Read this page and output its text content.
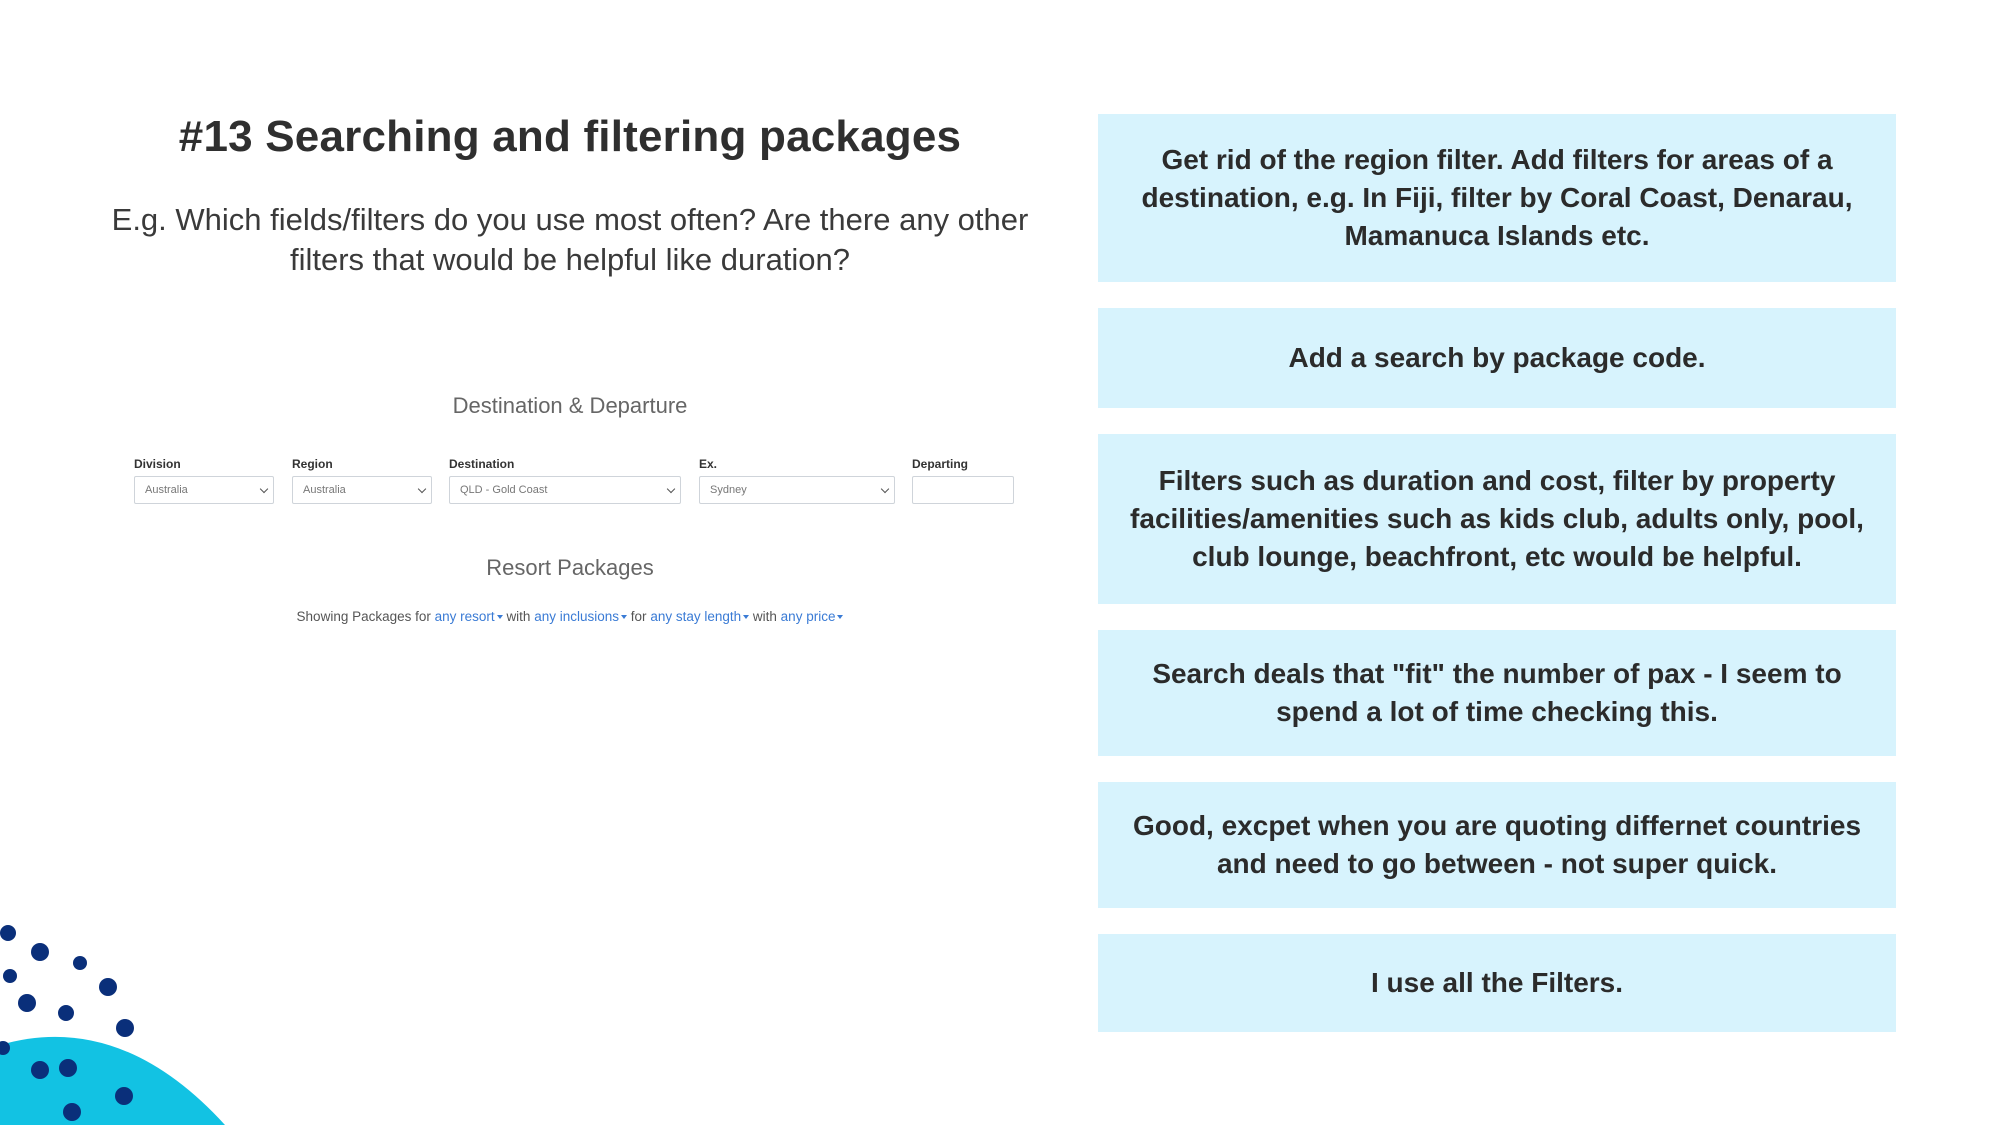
#13 Searching and filtering packages

E.g. Which fields/filters do you use most often? Are there any other filters that would be helpful like duration?

Destination & Departure
Division
Australia
Region
Australia
Destination
QLD - Gold Coast
Ex.
Sydney
Departing
Resort Packages
Showing Packages for any resort with any inclusions for any stay length with any price
Get rid of the region filter. Add filters for areas of a destination, e.g. In Fiji, filter by Coral Coast, Denarau, Mamanuca Islands etc.
Add a search by package code.
Filters such as duration and cost, filter by property facilities/amenities such as kids club, adults only, pool, club lounge, beachfront, etc would be helpful.
Search deals that "fit" the number of pax - I seem to spend a lot of time checking this.
Good, excpet when you are quoting differnet countries and need to go between - not super quick.
I use all the Filters.
